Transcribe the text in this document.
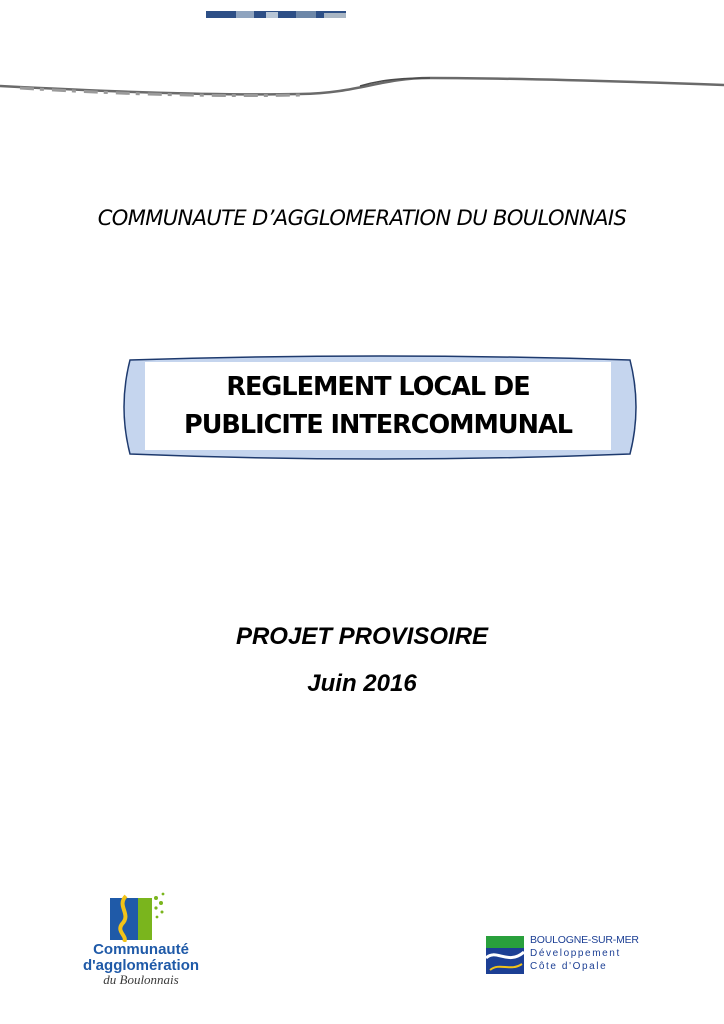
COMMUNAUTE D’AGGLOMERATION DU BOULONNAIS
REGLEMENT LOCAL DE
PUBLICITE INTERCOMMUNAL
PROJET PROVISOIRE
Juin 2016
Communauté
d'agglomération
du Boulonnais
BOULOGNE-SUR-MER
Développement
Côte d'Opale
